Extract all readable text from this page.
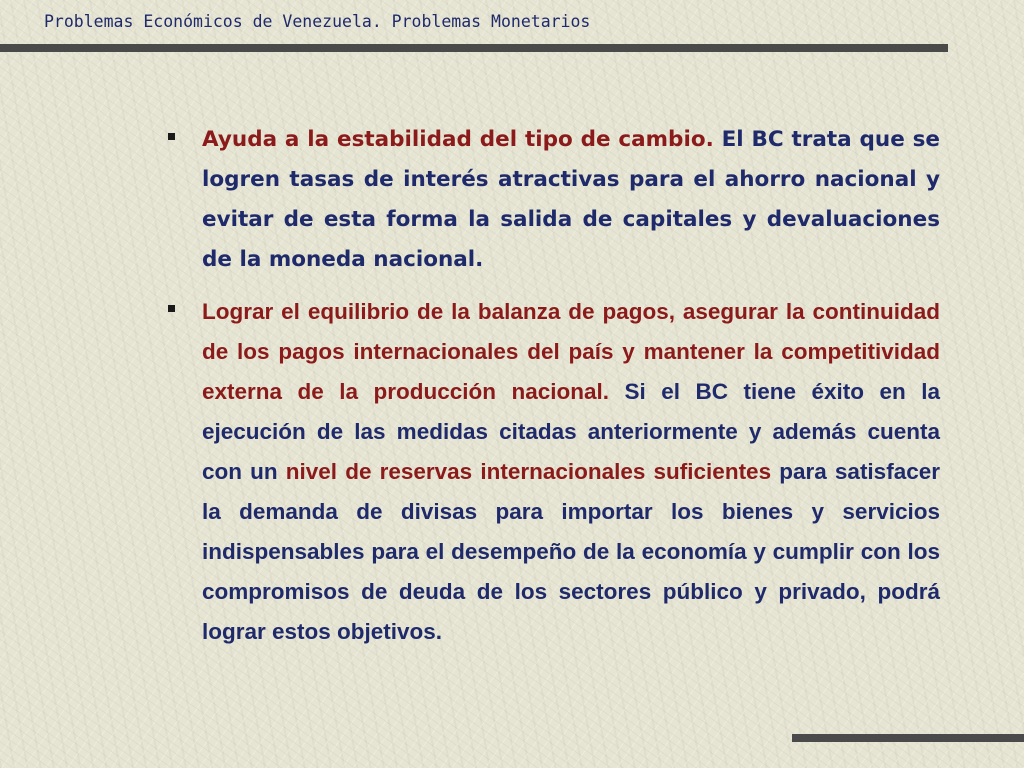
Problemas Económicos de Venezuela. Problemas Monetarios

Ayuda a la estabilidad del tipo de cambio. El BC trata que se logren tasas de interés atractivas para el ahorro nacional y evitar de esta forma la salida de capitales y devaluaciones de la moneda nacional.

Lograr el equilibrio de la balanza de pagos, asegurar la continuidad de los pagos internacionales del país y mantener la competitividad externa de la producción nacional. Si el BC tiene éxito en la ejecución de las medidas citadas anteriormente y además cuenta con un nivel de reservas internacionales suficientes para satisfacer la demanda de divisas para importar los bienes y servicios indispensables para el desempeño de la economía y cumplir con los compromisos de deuda de los sectores público y privado, podrá lograr estos objetivos.
